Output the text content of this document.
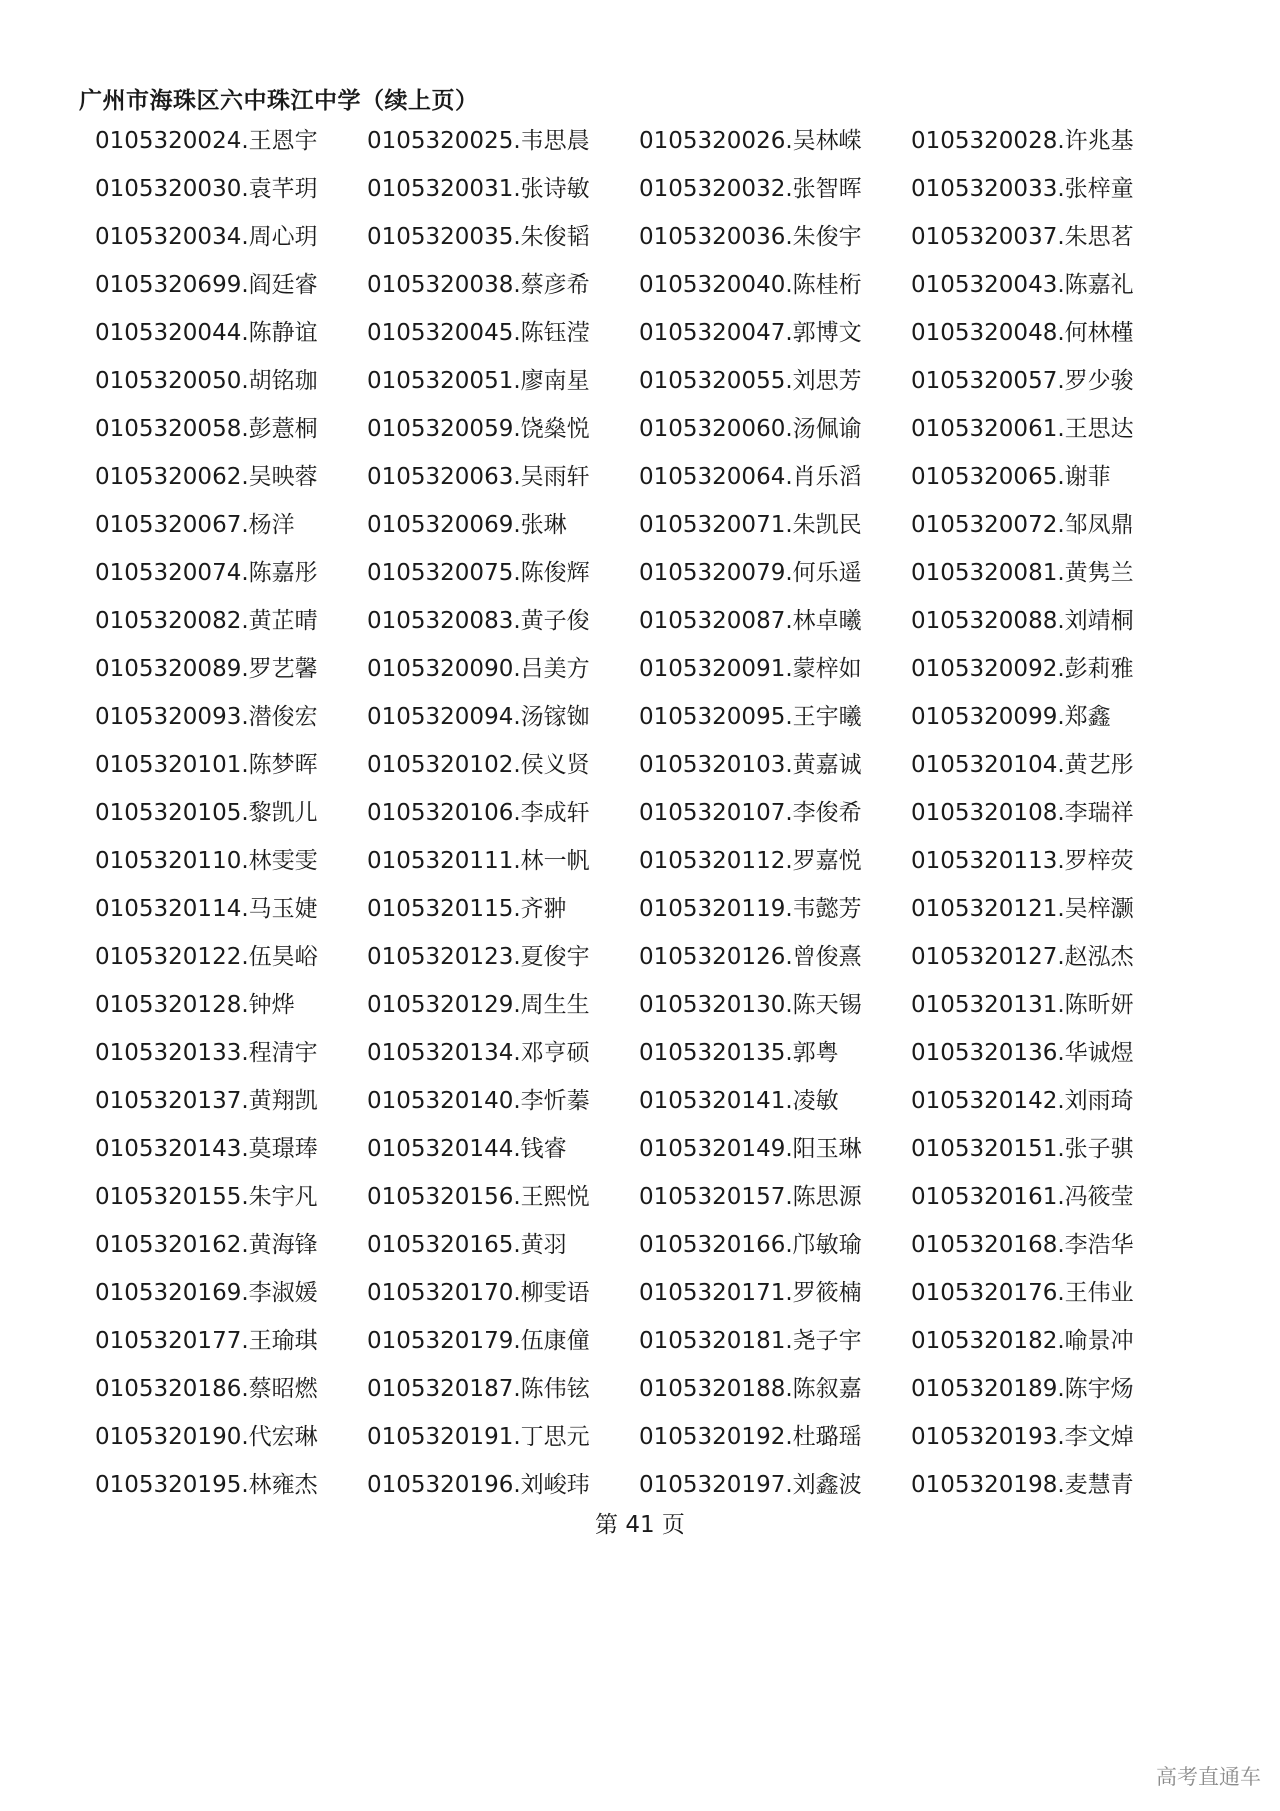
广州市海珠区六中珠江中学（续上页）
0105320024.王恩宇	0105320025.韦思晨	0105320026.吴林嵘	0105320028.许兆基
0105320030.袁芊玥	0105320031.张诗敏	0105320032.张智晖	0105320033.张梓童
0105320034.周心玥	0105320035.朱俊韬	0105320036.朱俊宇	0105320037.朱思茗
0105320699.阎廷睿	0105320038.蔡彦希	0105320040.陈桂桁	0105320043.陈嘉礼
0105320044.陈静谊	0105320045.陈钰滢	0105320047.郭博文	0105320048.何林槿
0105320050.胡铭珈	0105320051.廖南星	0105320055.刘思芳	0105320057.罗少骏
0105320058.彭薏桐	0105320059.饶燊悦	0105320060.汤佩谕	0105320061.王思达
0105320062.吴映蓉	0105320063.吴雨轩	0105320064.肖乐滔	0105320065.谢菲
0105320067.杨洋	0105320069.张琳	0105320071.朱凯民	0105320072.邹凤鼎
0105320074.陈嘉彤	0105320075.陈俊辉	0105320079.何乐遥	0105320081.黄隽兰
0105320082.黄芷晴	0105320083.黄子俊	0105320087.林卓曦	0105320088.刘靖桐
0105320089.罗艺馨	0105320090.吕美方	0105320091.蒙梓如	0105320092.彭莉雅
0105320093.潜俊宏	0105320094.汤镓铷	0105320095.王宇曦	0105320099.郑鑫
0105320101.陈梦晖	0105320102.侯义贤	0105320103.黄嘉诚	0105320104.黄艺彤
0105320105.黎凯儿	0105320106.李成轩	0105320107.李俊希	0105320108.李瑞祥
0105320110.林雯雯	0105320111.林一帆	0105320112.罗嘉悦	0105320113.罗梓荧
0105320114.马玉婕	0105320115.齐翀	0105320119.韦懿芳	0105320121.吴梓灏
0105320122.伍昊峪	0105320123.夏俊宇	0105320126.曾俊熹	0105320127.赵泓杰
0105320128.钟烨	0105320129.周生生	0105320130.陈天锡	0105320131.陈昕妍
0105320133.程清宇	0105320134.邓亨硕	0105320135.郭粤	0105320136.华诚煜
0105320137.黄翔凯	0105320140.李忻蓁	0105320141.凌敏	0105320142.刘雨琦
0105320143.莫璟琫	0105320144.钱睿	0105320149.阳玉琳	0105320151.张子骐
0105320155.朱宇凡	0105320156.王熙悦	0105320157.陈思源	0105320161.冯筱莹
0105320162.黄海锋	0105320165.黄羽	0105320166.邝敏瑜	0105320168.李浩华
0105320169.李淑媛	0105320170.柳雯语	0105320171.罗筱楠	0105320176.王伟业
0105320177.王瑜琪	0105320179.伍康僮	0105320181.尧子宇	0105320182.喻景冲
0105320186.蔡昭燃	0105320187.陈伟铉	0105320188.陈叙嘉	0105320189.陈宇炀
0105320190.代宏琳	0105320191.丁思元	0105320192.杜璐瑶	0105320193.李文焯
0105320195.林雍杰	0105320196.刘峻玮	0105320197.刘鑫波	0105320198.麦慧青
第 41 页
高考直通车
